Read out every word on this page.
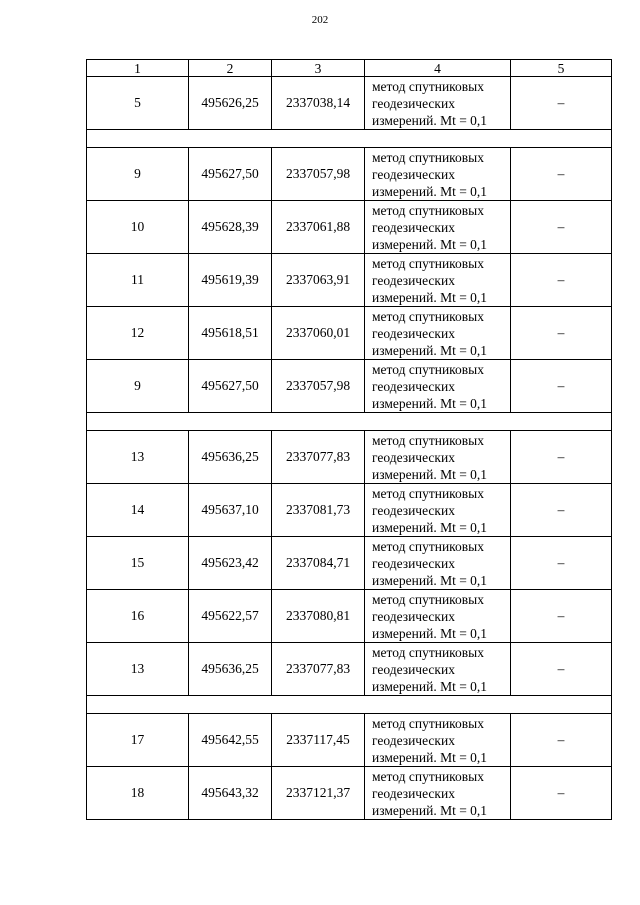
202
1	2	3	4	5
5	495626,25	2337038,14	метод спутниковых
геодезических
измерений. Mt = 0,1	–

9	495627,50	2337057,98	метод спутниковых
геодезических
измерений. Mt = 0,1	–
10	495628,39	2337061,88	метод спутниковых
геодезических
измерений. Mt = 0,1	–
11	495619,39	2337063,91	метод спутниковых
геодезических
измерений. Mt = 0,1	–
12	495618,51	2337060,01	метод спутниковых
геодезических
измерений. Mt = 0,1	–
9	495627,50	2337057,98	метод спутниковых
геодезических
измерений. Mt = 0,1	–

13	495636,25	2337077,83	метод спутниковых
геодезических
измерений. Mt = 0,1	–
14	495637,10	2337081,73	метод спутниковых
геодезических
измерений. Mt = 0,1	–
15	495623,42	2337084,71	метод спутниковых
геодезических
измерений. Mt = 0,1	–
16	495622,57	2337080,81	метод спутниковых
геодезических
измерений. Mt = 0,1	–
13	495636,25	2337077,83	метод спутниковых
геодезических
измерений. Mt = 0,1	–

17	495642,55	2337117,45	метод спутниковых
геодезических
измерений. Mt = 0,1	–
18	495643,32	2337121,37	метод спутниковых
геодезических
измерений. Mt = 0,1	–
